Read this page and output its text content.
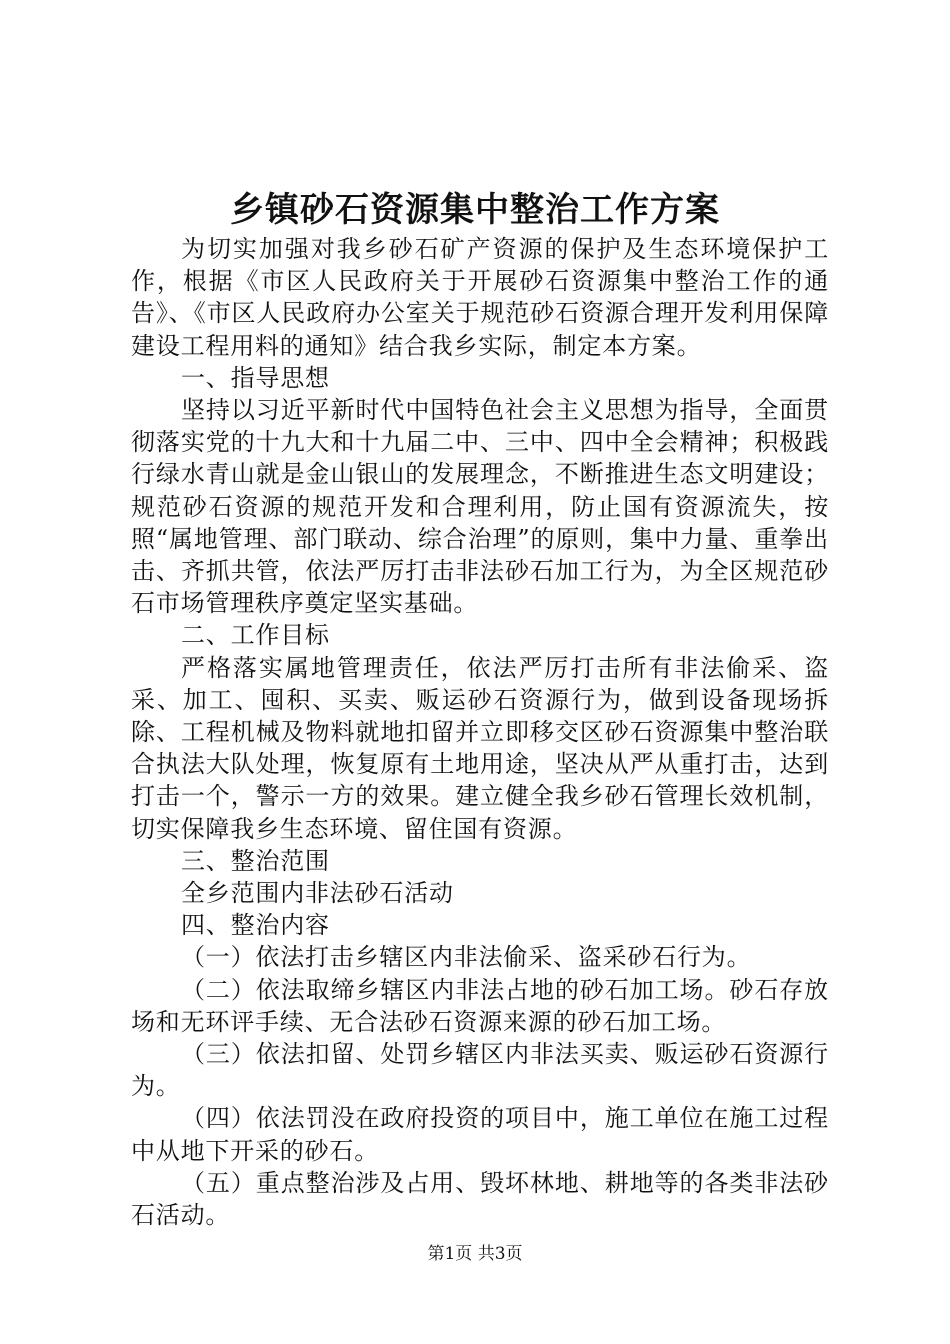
乡镇砂石资源集中整治工作方案

为切实加强对我乡砂石矿产资源的保护及生态环境保护工作，根据《市区人民政府关于开展砂石资源集中整治工作的通告》、《市区人民政府办公室关于规范砂石资源合理开发利用保障建设工程用料的通知》结合我乡实际，制定本方案。

一、指导思想

坚持以习近平新时代中国特色社会主义思想为指导，全面贯彻落实党的十九大和十九届二中、三中、四中全会精神；积极践行绿水青山就是金山银山的发展理念，不断推进生态文明建设；规范砂石资源的规范开发和合理利用，防止国有资源流失，按照“属地管理、部门联动、综合治理”的原则，集中力量、重拳出击、齐抓共管，依法严厉打击非法砂石加工行为，为全区规范砂石市场管理秩序奠定坚实基础。

二、工作目标

严格落实属地管理责任，依法严厉打击所有非法偷采、盗采、加工、囤积、买卖、贩运砂石资源行为，做到设备现场拆除、工程机械及物料就地扣留并立即移交区砂石资源集中整治联合执法大队处理，恢复原有土地用途，坚决从严从重打击，达到打击一个，警示一方的效果。建立健全我乡砂石管理长效机制，切实保障我乡生态环境、留住国有资源。

三、整治范围

全乡范围内非法砂石活动

四、整治内容

（一）依法打击乡辖区内非法偷采、盗采砂石行为。

（二）依法取缔乡辖区内非法占地的砂石加工场。砂石存放场和无环评手续、无合法砂石资源来源的砂石加工场。

（三）依法扣留、处罚乡辖区内非法买卖、贩运砂石资源行为。

（四）依法罚没在政府投资的项目中，施工单位在施工过程中从地下开采的砂石。

（五）重点整治涉及占用、毁坏林地、耕地等的各类非法砂石活动。

第1页 共3页
